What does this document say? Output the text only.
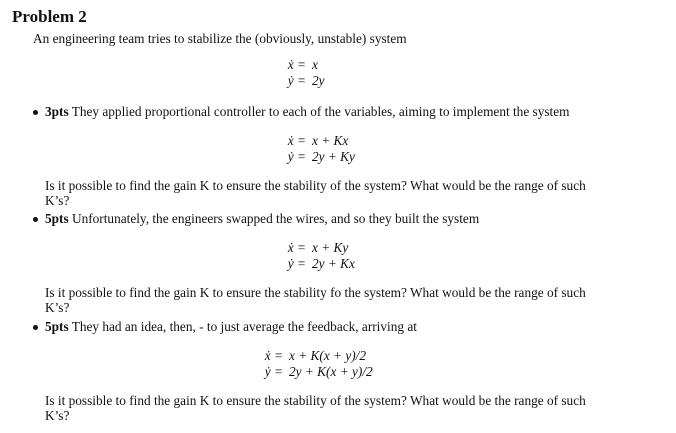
Problem 2
An engineering team tries to stabilize the (obviously, unstable) system
ẋ = x
ẏ = 2y
3pts They applied proportional controller to each of the variables, aiming to implement the system
ẋ = x + Kx
ẏ = 2y + Ky
Is it possible to find the gain K to ensure the stability of the system? What would be the range of such
K’s?
5pts Unfortunately, the engineers swapped the wires, and so they built the system
ẋ = x + Ky
ẏ = 2y + Kx
Is it possible to find the gain K to ensure the stability fo the system? What would be the range of such
K’s?
5pts They had an idea, then, - to just average the feedback, arriving at
ẋ = x + K(x + y)/2
ẏ = 2y + K(x + y)/2
Is it possible to find the gain K to ensure the stability of the system? What would be the range of such
K’s?
